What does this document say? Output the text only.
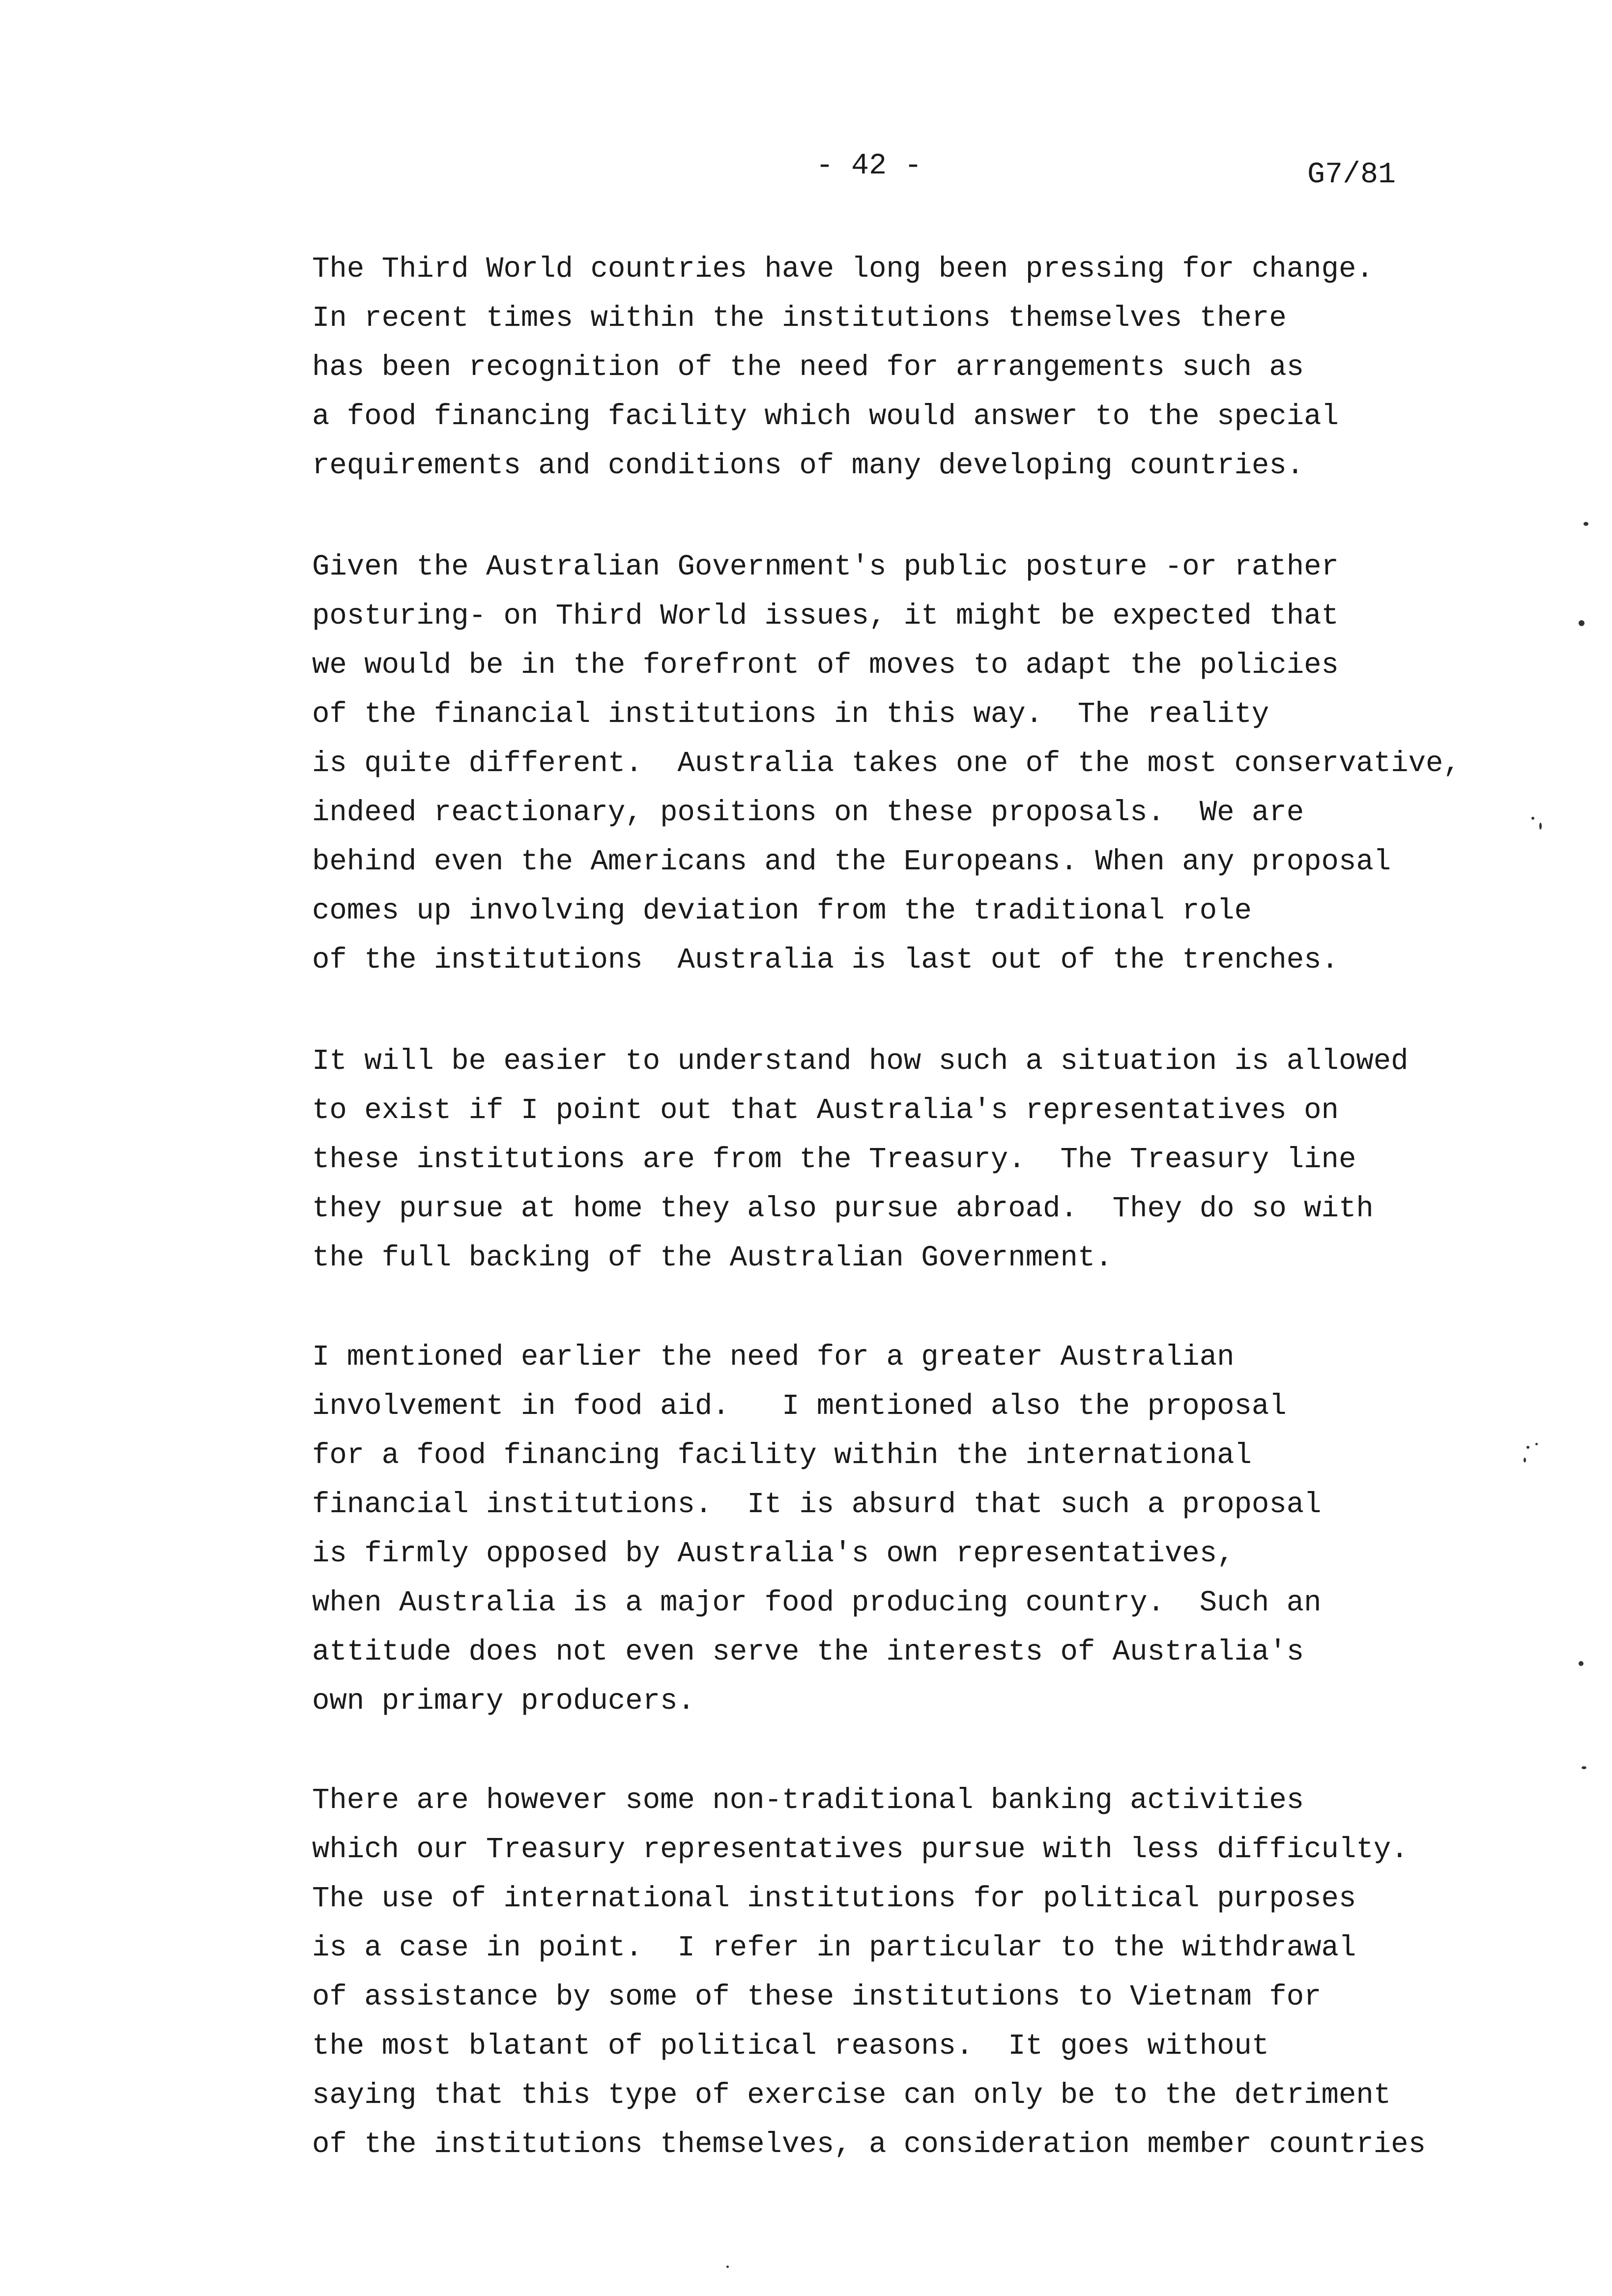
- 42 -	G7/81
The Third World countries have long been pressing for change.
In recent times within the institutions themselves there
has been recognition of the need for arrangements such as
a food financing facility which would answer to the special
requirements and conditions of many developing countries.
Given the Australian Government's public posture -or rather
posturing- on Third World issues, it might be expected that
we would be in the forefront of moves to adapt the policies
of the financial institutions in this way.  The reality
is quite different.  Australia takes one of the most conservative,
indeed reactionary, positions on these proposals.  We are
behind even the Americans and the Europeans. When any proposal
comes up involving deviation from the traditional role
of the institutions  Australia is last out of the trenches.
It will be easier to understand how such a situation is allowed
to exist if I point out that Australia's representatives on
these institutions are from the Treasury.  The Treasury line
they pursue at home they also pursue abroad.  They do so with
the full backing of the Australian Government.
I mentioned earlier the need for a greater Australian
involvement in food aid.   I mentioned also the proposal
for a food financing facility within the international
financial institutions.  It is absurd that such a proposal
is firmly opposed by Australia's own representatives,
when Australia is a major food producing country.  Such an
attitude does not even serve the interests of Australia's
own primary producers.
There are however some non-traditional banking activities
which our Treasury representatives pursue with less difficulty.
The use of international institutions for political purposes
is a case in point.  I refer in particular to the withdrawal
of assistance by some of these institutions to Vietnam for
the most blatant of political reasons.  It goes without
saying that this type of exercise can only be to the detriment
of the institutions themselves, a consideration member countries
